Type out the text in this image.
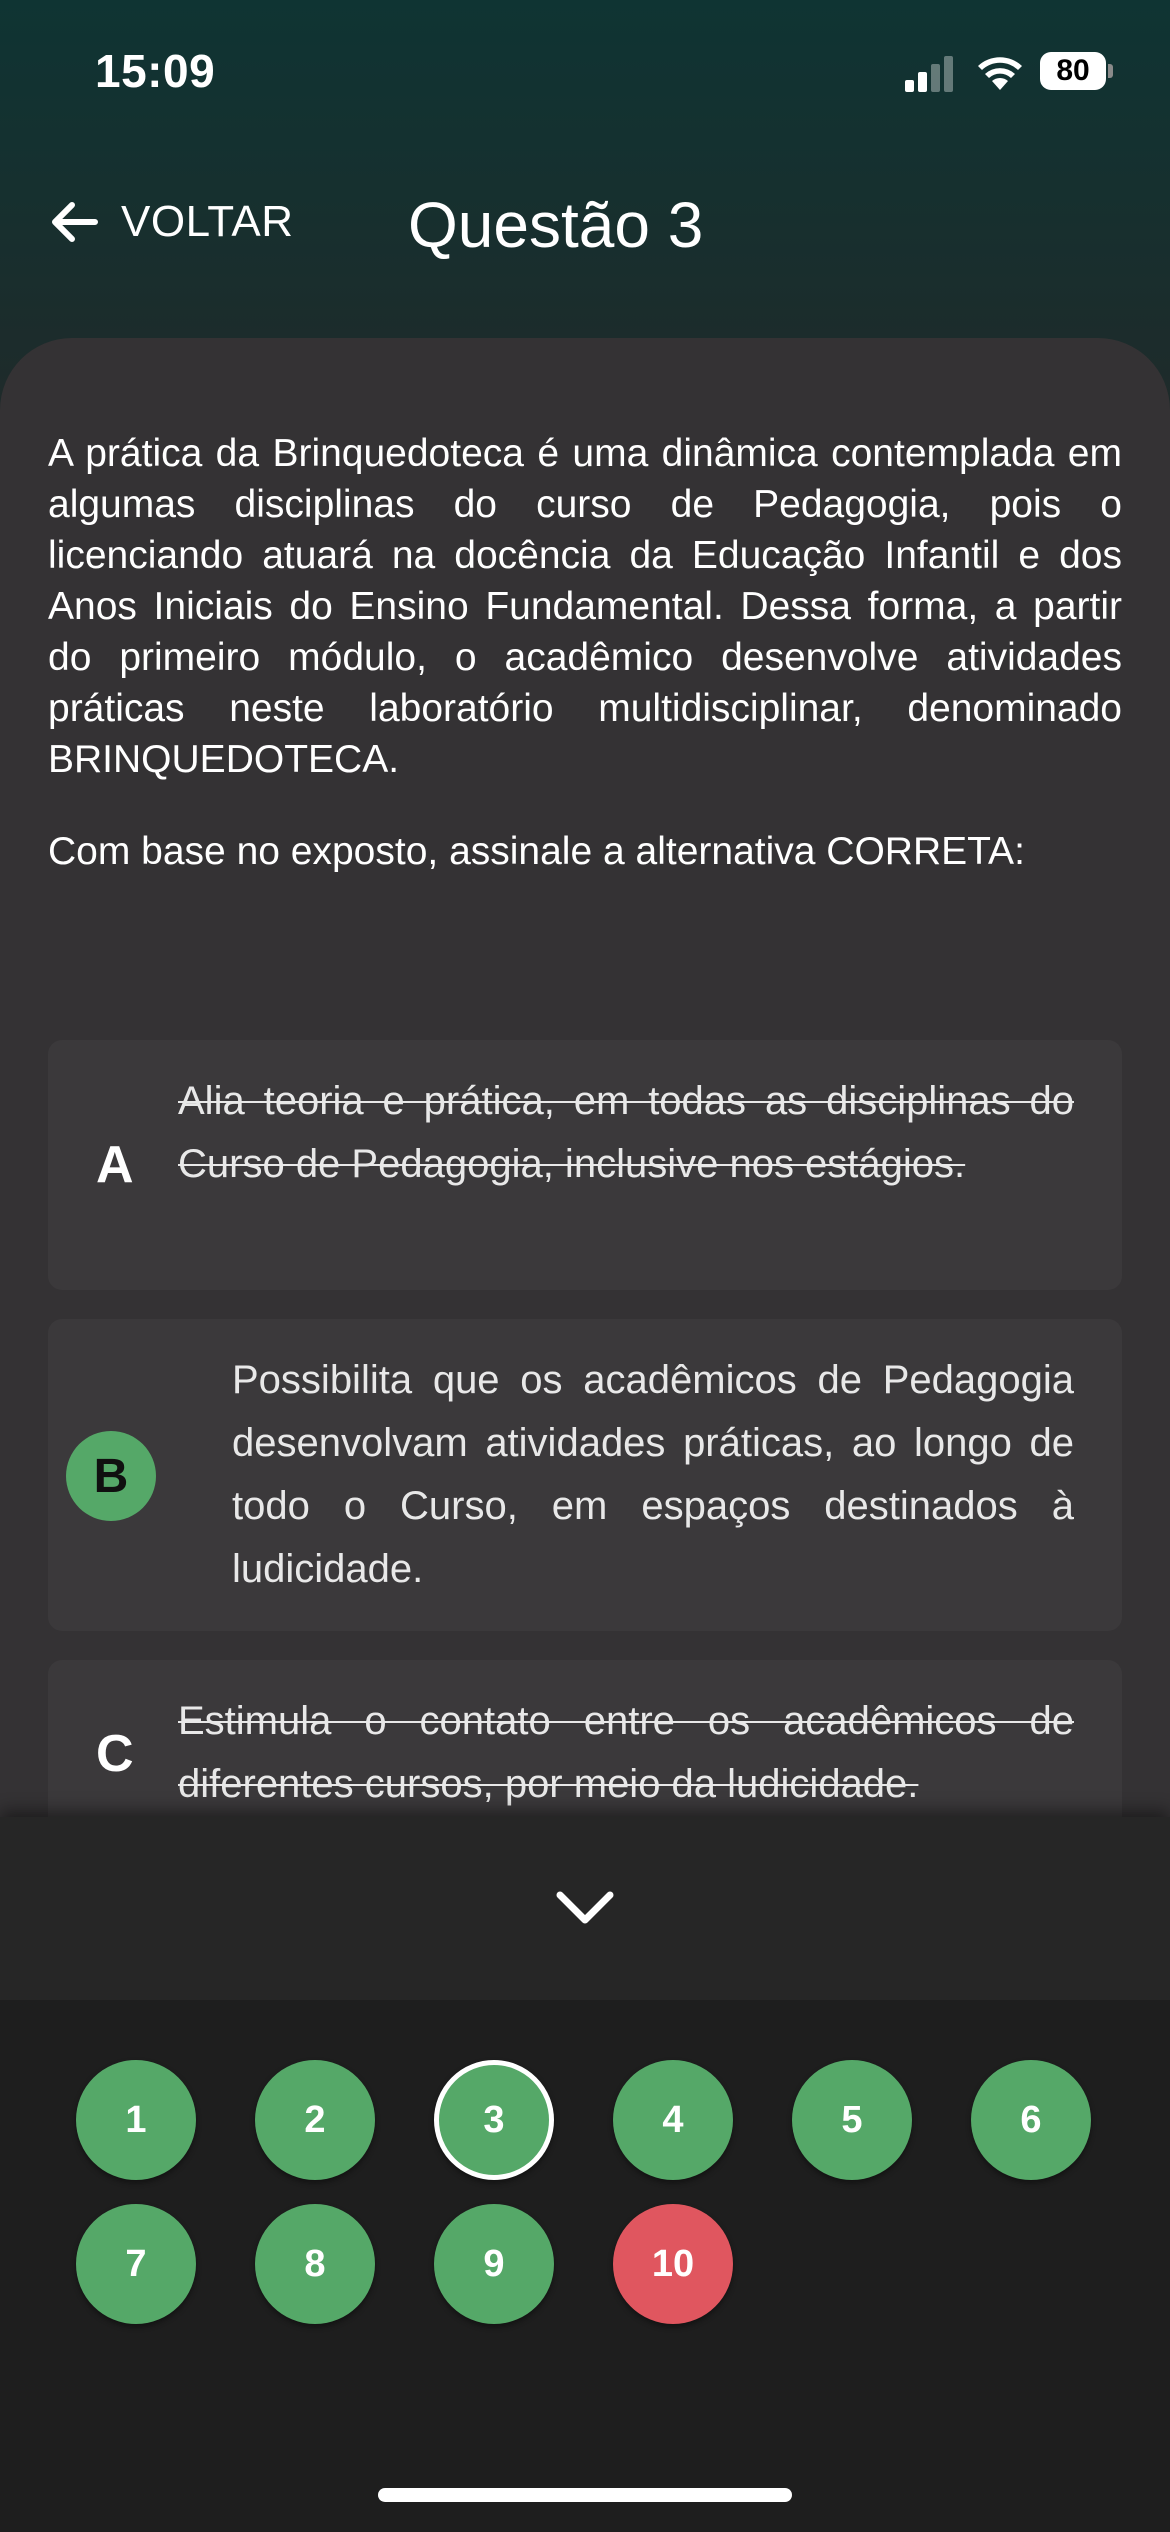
15:09	80
VOLTAR Questão 3

A prática da Brinquedoteca é uma dinâmica contemplada em algumas disciplinas do curso de Pedagogia, pois o licenciando atuará na docência da Educação Infantil e dos Anos Iniciais do Ensino Fundamental. Dessa forma, a partir do primeiro módulo, o acadêmico desenvolve atividades práticas neste laboratório multidisciplinar, denominado BRINQUEDOTECA.

Com base no exposto, assinale a alternativa CORRETA:

A
Alia teoria e prática, em todas as disciplinas do Curso de Pedagogia, inclusive nos estágios.
B
Possibilita que os acadêmicos de Pedagogia desenvolvam atividades práticas, ao longo de todo o Curso, em espaços destinados à ludicidade.
C
Estimula o contato entre os acadêmicos de diferentes cursos, por meio da ludicidade.
1	2	3	4	5	6
7	8	9	10
